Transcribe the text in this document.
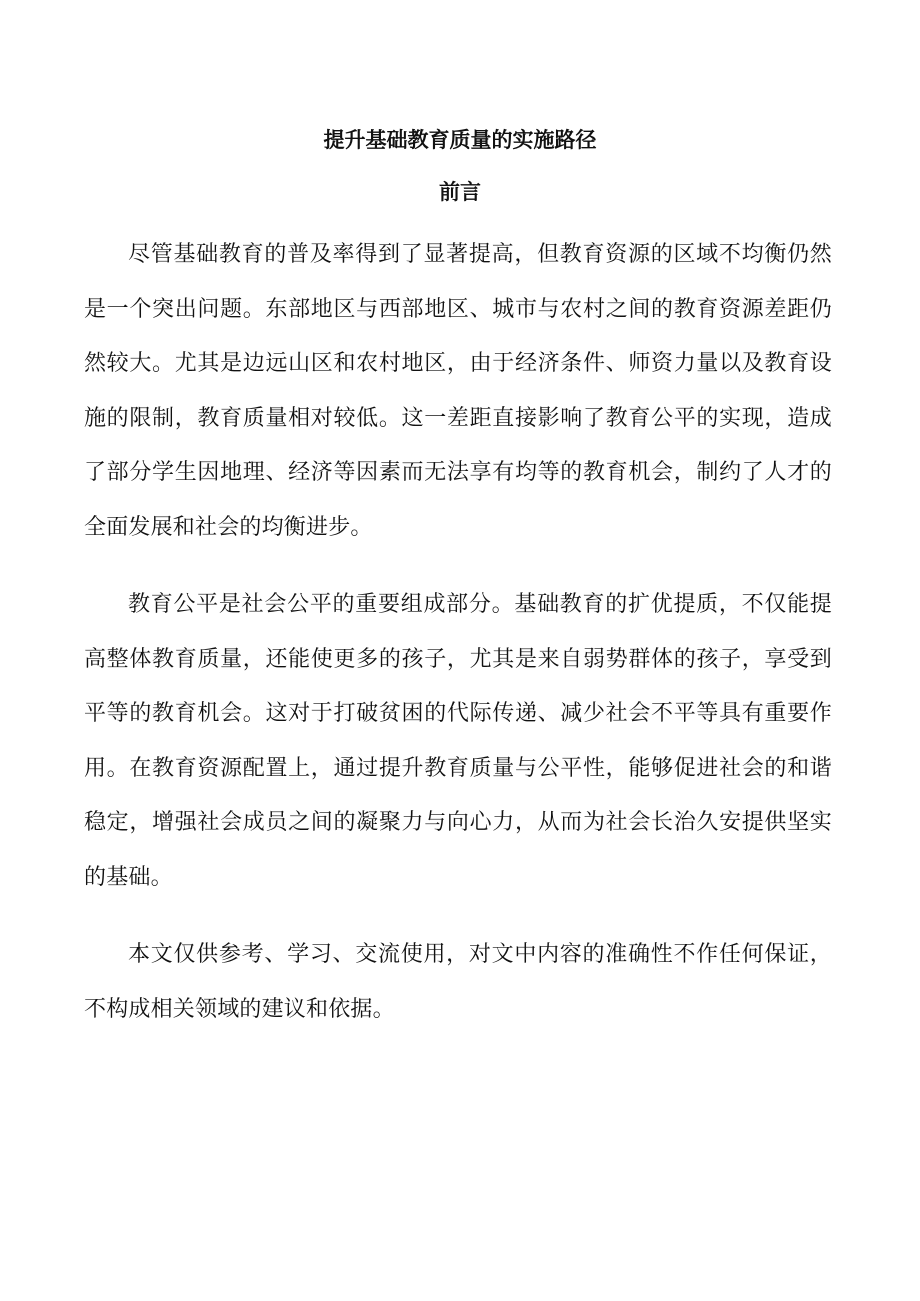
提升基础教育质量的实施路径
前言

尽管基础教育的普及率得到了显著提高，但教育资源的区域不均衡仍然是一个突出问题。东部地区与西部地区、城市与农村之间的教育资源差距仍然较大。尤其是边远山区和农村地区，由于经济条件、师资力量以及教育设施的限制，教育质量相对较低。这一差距直接影响了教育公平的实现，造成了部分学生因地理、经济等因素而无法享有均等的教育机会，制约了人才的全面发展和社会的均衡进步。

教育公平是社会公平的重要组成部分。基础教育的扩优提质，不仅能提高整体教育质量，还能使更多的孩子，尤其是来自弱势群体的孩子，享受到平等的教育机会。这对于打破贫困的代际传递、减少社会不平等具有重要作用。在教育资源配置上，通过提升教育质量与公平性，能够促进社会的和谐稳定，增强社会成员之间的凝聚力与向心力，从而为社会长治久安提供坚实的基础。

本文仅供参考、学习、交流使用，对文中内容的准确性不作任何保证，不构成相关领域的建议和依据。
